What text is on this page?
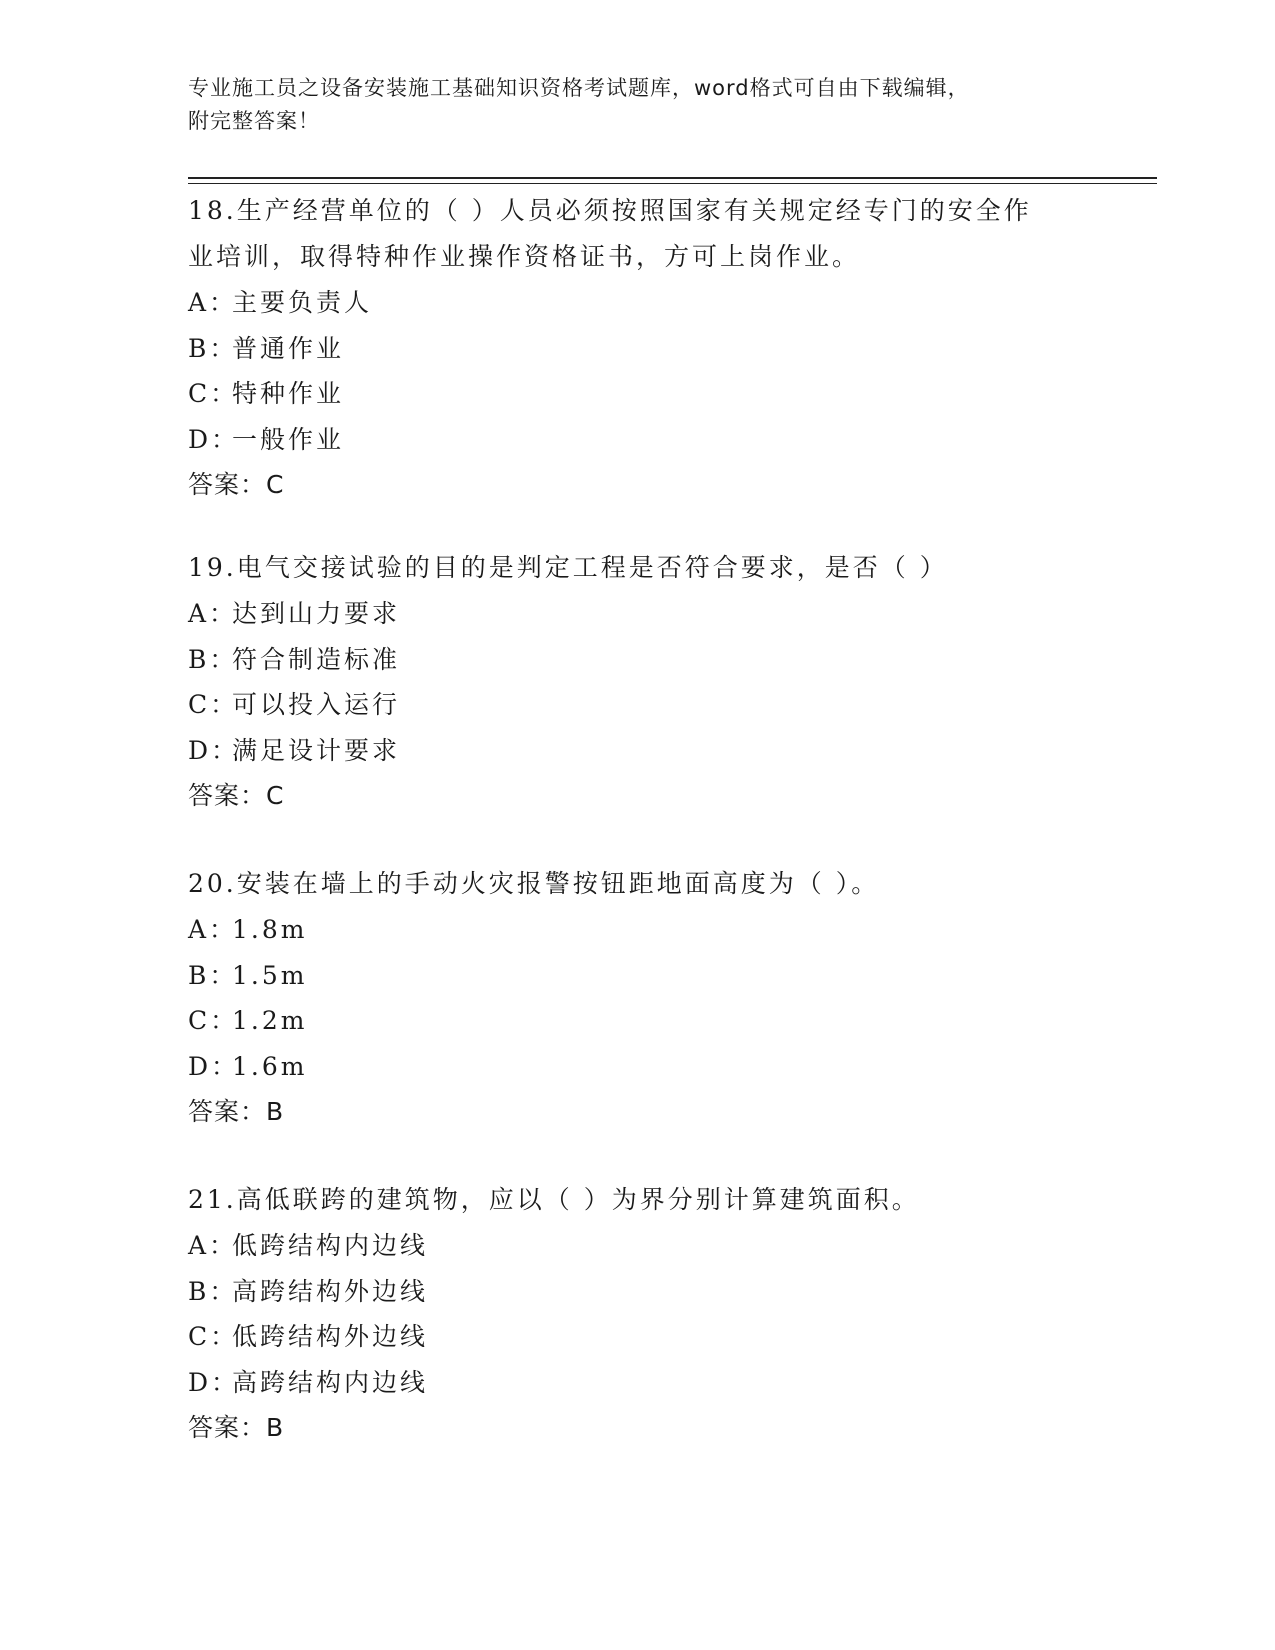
专业施工员之设备安装施工基础知识资格考试题库，word格式可自由下载编辑，
附完整答案！
18.生产经营单位的（ ）人员必须按照国家有关规定经专门的安全作
业培训，取得特种作业操作资格证书，方可上岗作业。
A：主要负责人
B：普通作业
C：特种作业
D：一般作业
答案：C
19.电气交接试验的目的是判定工程是否符合要求，是否（ ）
A：达到山力要求
B：符合制造标准
C：可以投入运行
D：满足设计要求
答案：C
20.安装在墙上的手动火灾报警按钮距地面高度为（ ）。
A：1.8m
B：1.5m
C：1.2m
D：1.6m
答案：B
21.高低联跨的建筑物，应以（ ）为界分别计算建筑面积。
A：低跨结构内边线
B：高跨结构外边线
C：低跨结构外边线
D：高跨结构内边线
答案：B
